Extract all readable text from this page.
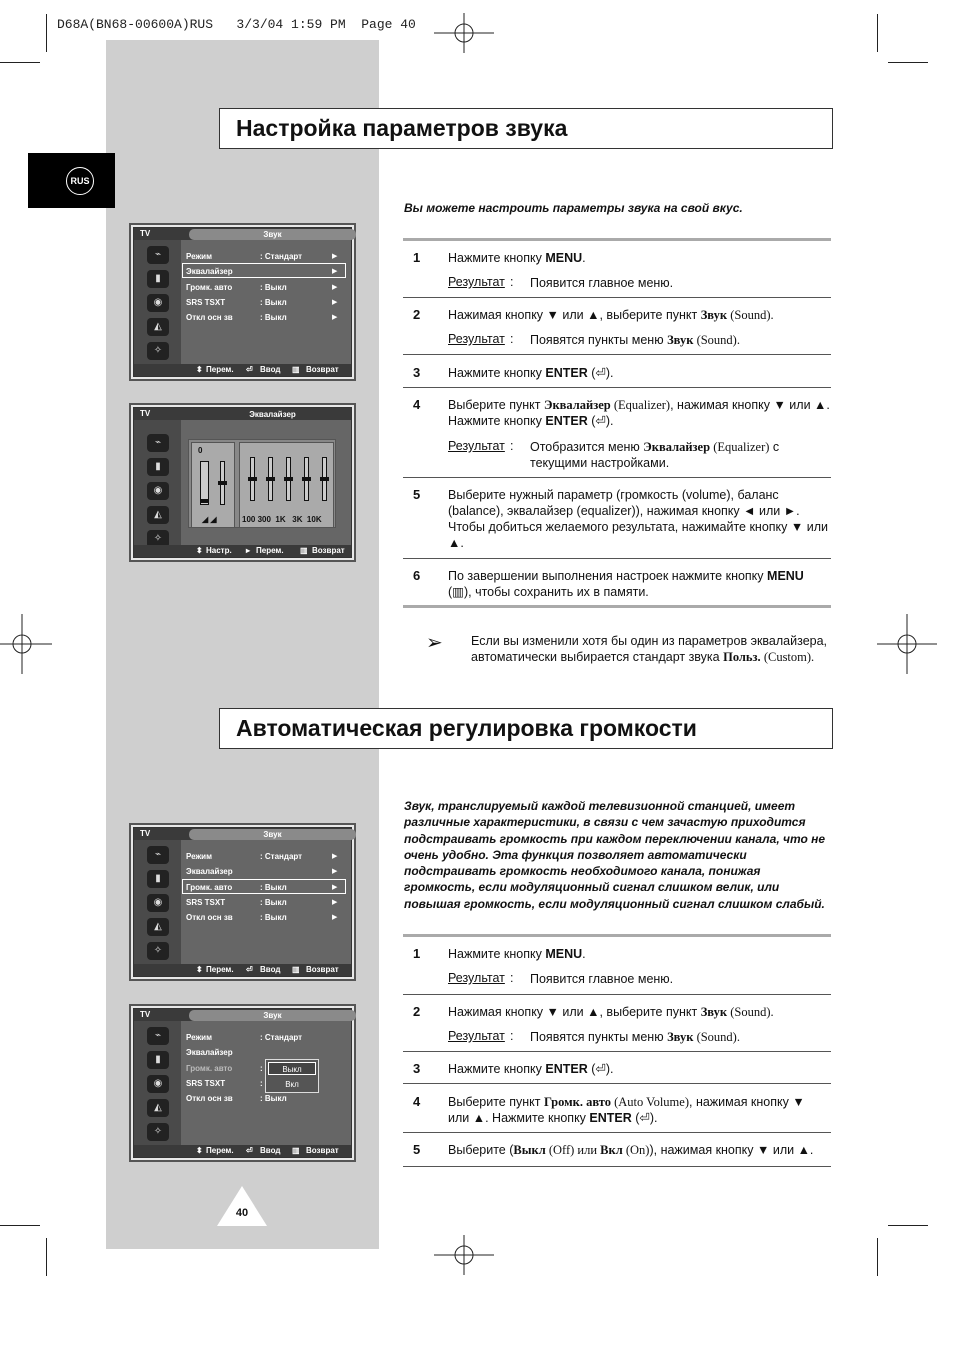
D68A(BN68-00600A)RUS   3/3/04 1:59 PM  Page 40
RUS
Настройка параметров звука
Вы можете настроить параметры звука на свой вкус.
1 Нажмите кнопку MENU.
Результат : Появится главное меню.
2 Нажимая кнопку ▼ или ▲, выберите пункт Звук (Sound).
Результат : Появятся пункты меню Звук (Sound).
3 Нажмите кнопку ENTER (⏎).
4 Выберите пункт Эквалайзер (Equalizer), нажимая кнопку ▼ или ▲.
Нажмите кнопку ENTER (⏎).
Результат : Отобразится меню Эквалайзер (Equalizer) с текущими настройками.
5 Выберите нужный параметр (громкость (volume), баланс (balance), эквалайзер (equalizer)), нажимая кнопку ◄ или ►. Чтобы добиться желаемого результата, нажимайте кнопку ▼ или ▲.
6 По завершении выполнения настроек нажмите кнопку MENU (▥), чтобы сохранить их в памяти.
➢ Если вы изменили хотя бы один из параметров эквалайзера, автоматически выбирается стандарт звука Польз. (Custom).
Автоматическая регулировка громкости
Звук, транслируемый каждой телевизионной станцией, имеет различные характеристики, в связи с чем зачастую приходится подстраивать громкость при каждом переключении канала, что не очень удобно. Эта функция позволяет автоматически подстраивать громкость необходимого канала, понижая громкость, если модуляционный сигнал слишком велик, или повышая громкость, если модуляционный сигнал слишком слабый.
1 Нажмите кнопку MENU.
Результат : Появится главное меню.
2 Нажимая кнопку ▼ или ▲, выберите пункт Звук (Sound).
Результат : Появятся пункты меню Звук (Sound).
3 Нажмите кнопку ENTER (⏎).
4 Выберите пункт Громк. авто (Auto Volume), нажимая кнопку ▼ или ▲. Нажмите кнопку ENTER (⏎).
5 Выберите (Выкл (Off) или Вкл (On)), нажимая кнопку ▼ или ▲.
TV	Звук
⌁
▮
◉
◭
✧
Режим	: Стандарт	▶
Эквалайзер	▶
Громк. авто	: Выкл	▶
SRS TSXT	: Выкл	▶
Откл осн зв	: Выкл	▶
⬍ Перем. ⏎ Ввод ▥ Возврат
TV	Эквалайзер
⌁
▮
◉
◭
✧
0
◢ ◢	100 300  1K   3K  10K
⬍ Настр. ▸ Перем. ▥ Возврат
TV	Звук
⌁
▮
◉
◭
✧
Режим	: Стандарт	▶
Эквалайзер	▶
Громк. авто	: Выкл	▶
SRS TSXT	: Выкл	▶
Откл осн зв	: Выкл	▶
⬍ Перем. ⏎ Ввод ▥ Возврат
TV	Звук
⌁
▮
◉
◭
✧
Режим	: Стандарт
Эквалайзер
Громк. авто	:
SRS TSXT	:
Откл осн зв	: Выкл
Выкл
Вкл
⬍ Перем. ⏎ Ввод ▥ Возврат
40
